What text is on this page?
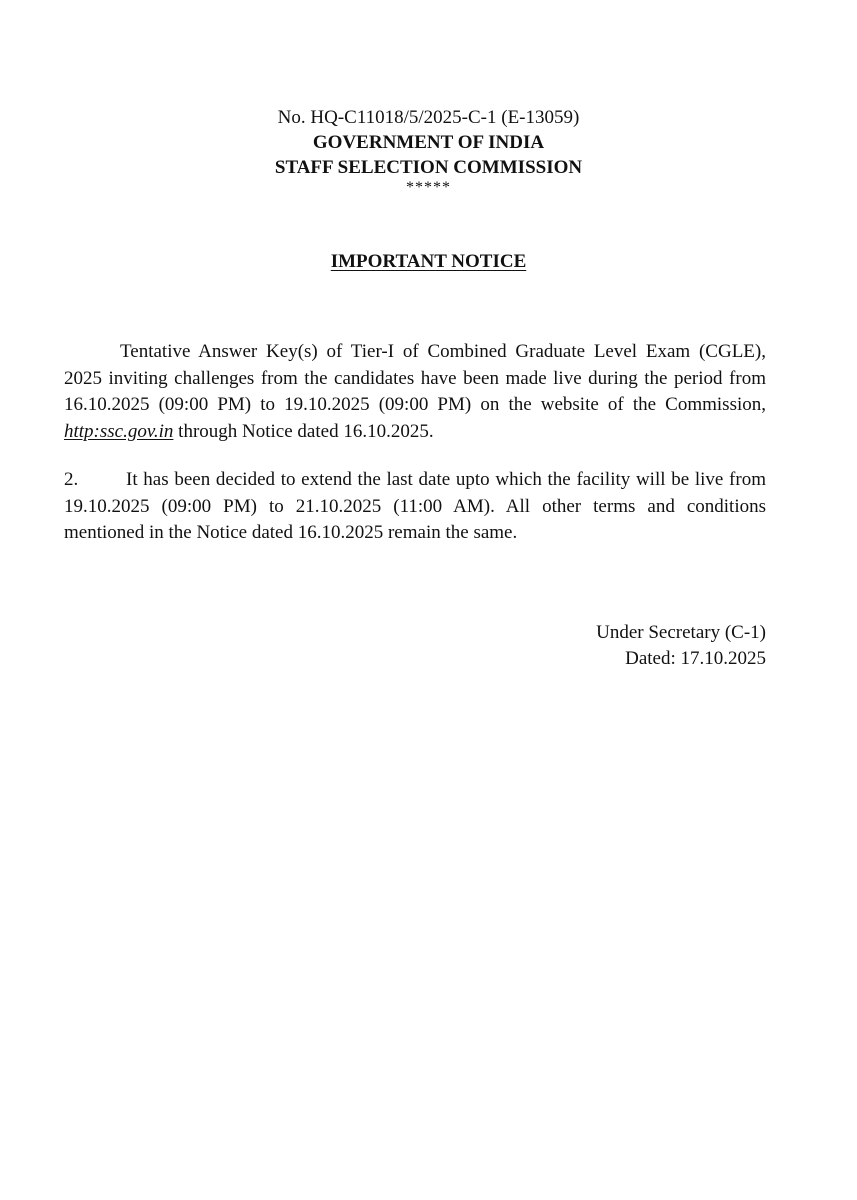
No. HQ-C11018/5/2025-C-1 (E-13059)
GOVERNMENT OF INDIA
STAFF SELECTION COMMISSION
*****
IMPORTANT NOTICE

Tentative Answer Key(s) of Tier-I of Combined Graduate Level Exam (CGLE), 2025 inviting challenges from the candidates have been made live during the period from 16.10.2025 (09:00 PM) to 19.10.2025 (09:00 PM) on the website of the Commission, http:ssc.gov.in through Notice dated 16.10.2025.

2.	It has been decided to extend the last date upto which the facility will be live from 19.10.2025 (09:00 PM) to 21.10.2025 (11:00 AM). All other terms and conditions mentioned in the Notice dated 16.10.2025 remain the same.

Under Secretary (C-1)
Dated: 17.10.2025
